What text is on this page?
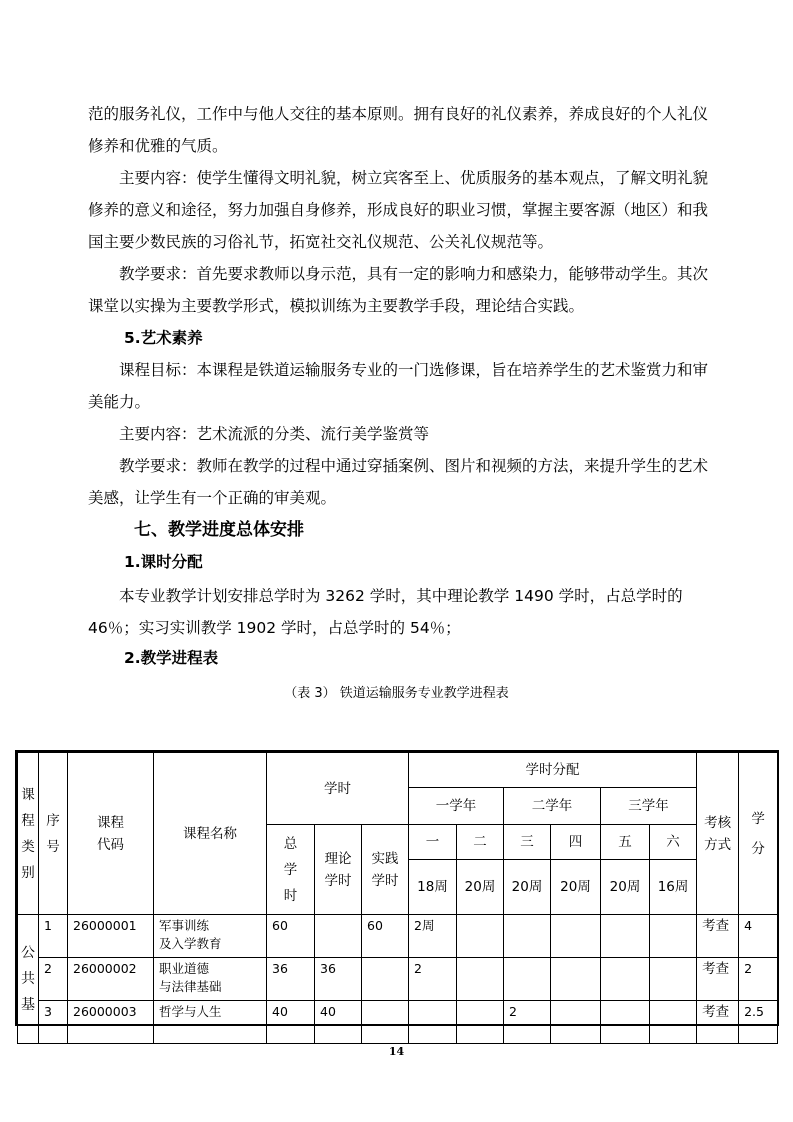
范的服务礼仪，工作中与他人交往的基本原则。拥有良好的礼仪素养，养成良好的个人礼仪修养和优雅的气质。

主要内容：使学生懂得文明礼貌，树立宾客至上、优质服务的基本观点，了解文明礼貌修养的意义和途径，努力加强自身修养，形成良好的职业习惯，掌握主要客源（地区）和我国主要少数民族的习俗礼节，拓宽社交礼仪规范、公关礼仪规范等。

教学要求：首先要求教师以身示范，具有一定的影响力和感染力，能够带动学生。其次课堂以实操为主要教学形式，模拟训练为主要教学手段，理论结合实践。

5.艺术素养

课程目标：本课程是铁道运输服务专业的一门选修课，旨在培养学生的艺术鉴赏力和审美能力。

主要内容：艺术流派的分类、流行美学鉴赏等

教学要求：教师在教学的过程中通过穿插案例、图片和视频的方法，来提升学生的艺术美感，让学生有一个正确的审美观。

七、教学进度总体安排

1.课时分配

本专业教学计划安排总学时为 3262 学时，其中理论教学 1490 学时，占总学时的 46％；实习实训教学 1902 学时，占总学时的 54％；

2.教学进程表

（表 3） 铁道运输服务专业教学进程表
课程类别	序号	课程代码	课程名称	学时			学时分配						考核方式	学分
							一学年		二学年		三学年			
				总学时	理论学时	实践学时	一	二	三	四	五	六		
							18周	20周	20周	20周	20周	16周		
公共基	1	26000001	军事训练
及入学教育	60		60	2周						考查	4
	2	26000002	职业道德
与法律基础	36	36		2						考查	2
	3	26000003	哲学与人生	40	40				2				考查	2.5
14
